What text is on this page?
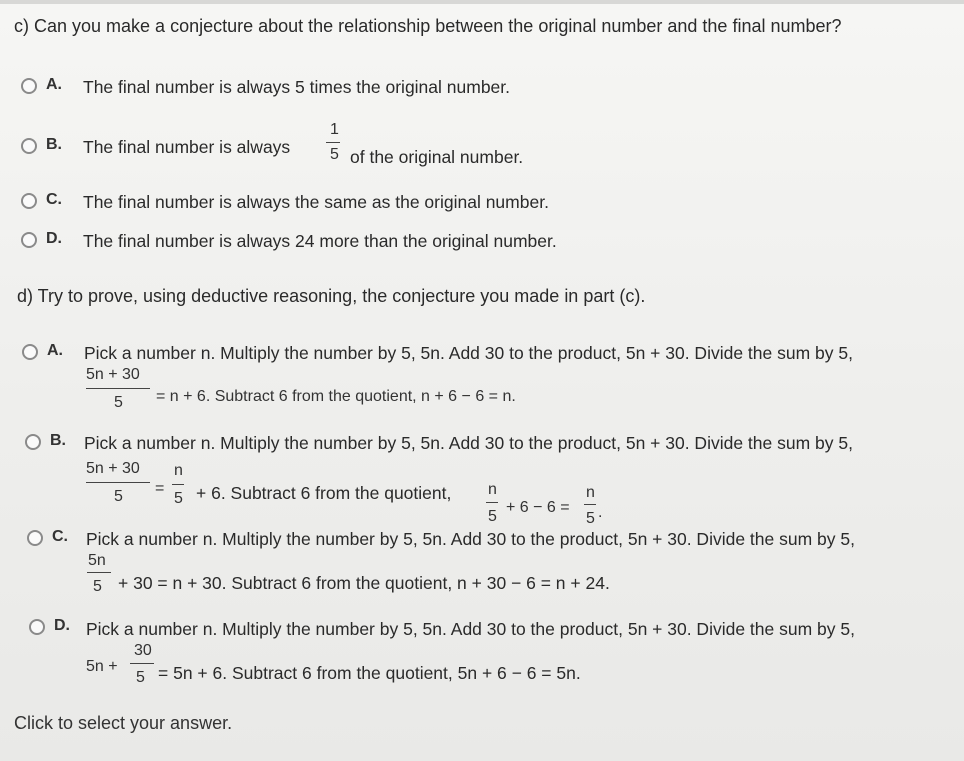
c) Can you make a conjecture about the relationship between the original number and the final number?
A. The final number is always 5 times the original number.
B. The final number is always
1
5 of the original number.
C. The final number is always the same as the original number.
D. The final number is always 24 more than the original number.
d) Try to prove, using deductive reasoning, the conjecture you made in part (c).
A. Pick a number n. Multiply the number by 5, 5n. Add 30 to the product, 5n + 30. Divide the sum by 5,
5n + 30
5 = n + 6. Subtract 6 from the quotient, n + 6 − 6 = n.
B. Pick a number n. Multiply the number by 5, 5n. Add 30 to the product, 5n + 30. Divide the sum by 5,
5n + 30
5 =
n
5 + 6. Subtract 6 from the quotient, n
5
+ 6 − 6 =
n
5 .
C. Pick a number n. Multiply the number by 5, 5n. Add 30 to the product, 5n + 30. Divide the sum by 5,
5n
5 + 30 = n + 30. Subtract 6 from the quotient, n + 30 − 6 = n + 24.
D. Pick a number n. Multiply the number by 5, 5n. Add 30 to the product, 5n + 30. Divide the sum by 5,
5n +
30
5 = 5n + 6. Subtract 6 from the quotient, 5n + 6 − 6 = 5n.
Click to select your answer.
